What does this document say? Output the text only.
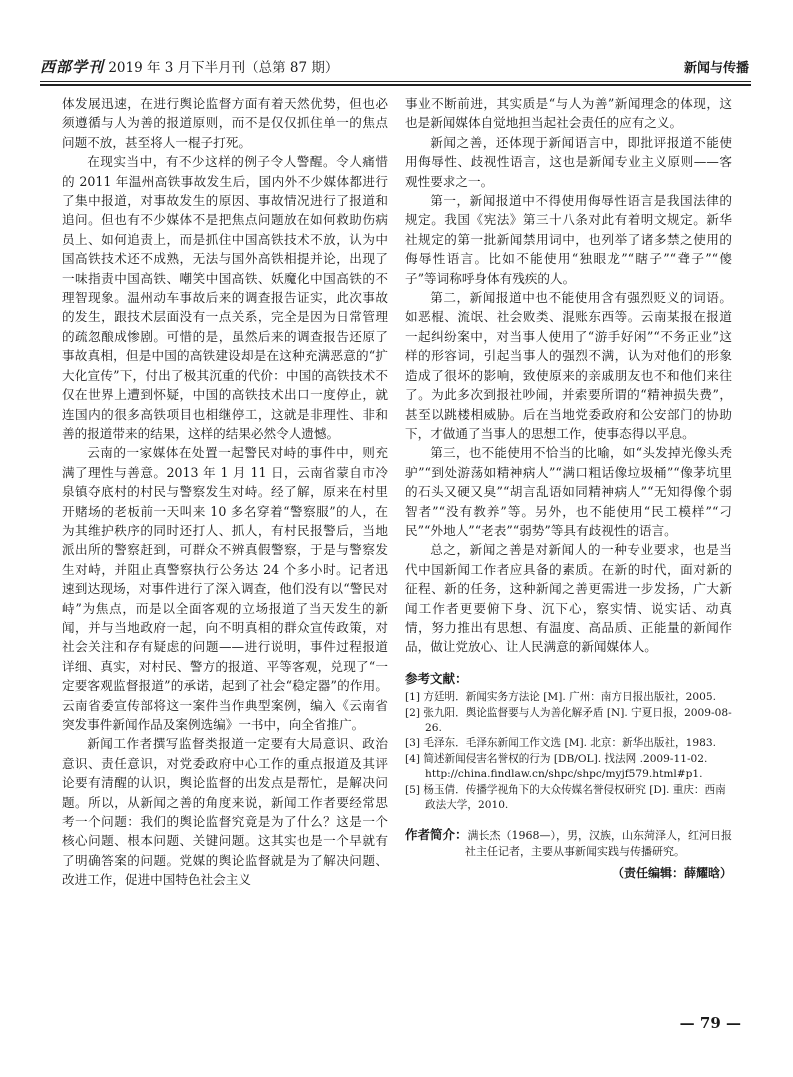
西部学刊 2019 年 3 月下半月刊（总第 87 期）	新闻与传播

体发展迅速，在进行舆论监督方面有着天然优势，但也必须遵循与人为善的报道原则，而不是仅仅抓住单一的焦点问题不放，甚至将人一棍子打死。

在现实当中，有不少这样的例子令人警醒。令人痛惜的 2011 年温州高铁事故发生后，国内外不少媒体都进行了集中报道，对事故发生的原因、事故情况进行了报道和追问。但也有不少媒体不是把焦点问题放在如何救助伤病员上、如何追责上，而是抓住中国高铁技术不放，认为中国高铁技术还不成熟，无法与国外高铁相提并论，出现了一味指责中国高铁、嘲笑中国高铁、妖魔化中国高铁的不理智现象。温州动车事故后来的调查报告证实，此次事故的发生，跟技术层面没有一点关系，完全是因为日常管理的疏忽酿成惨剧。可惜的是，虽然后来的调查报告还原了事故真相，但是中国的高铁建设却是在这种充满恶意的“扩大化宣传”下，付出了极其沉重的代价：中国的高铁技术不仅在世界上遭到怀疑，中国的高铁技术出口一度停止，就连国内的很多高铁项目也相继停工，这就是非理性、非和善的报道带来的结果，这样的结果必然令人遗憾。

云南的一家媒体在处置一起警民对峙的事件中，则充满了理性与善意。2013 年 1 月 11 日，云南省蒙自市冷泉镇夺底村的村民与警察发生对峙。经了解，原来在村里开赌场的老板前一天叫来 10 多名穿着“警察服”的人，在为其维护秩序的同时还打人、抓人，有村民报警后，当地派出所的警察赶到，可群众不辨真假警察，于是与警察发生对峙，并阻止真警察执行公务达 24 个多小时。记者迅速到达现场，对事件进行了深入调查，他们没有以“警民对峙”为焦点，而是以全面客观的立场报道了当天发生的新闻，并与当地政府一起，向不明真相的群众宣传政策，对社会关注和存有疑虑的问题——进行说明，事件过程报道详细、真实，对村民、警方的报道、平等客观，兑现了“一定要客观监督报道”的承诺，起到了社会“稳定器”的作用。云南省委宣传部将这一案件当作典型案例，编入《云南省突发事件新闻作品及案例选编》一书中，向全省推广。

新闻工作者撰写监督类报道一定要有大局意识、政治意识、责任意识，对党委政府中心工作的重点报道及其评论要有清醒的认识，舆论监督的出发点是帮忙，是解决问题。所以，从新闻之善的角度来说，新闻工作者要经常思考一个问题：我们的舆论监督究竟是为了什么？这是一个核心问题、根本问题、关键问题。这其实也是一个早就有了明确答案的问题。党媒的舆论监督就是为了解决问题、改进工作，促进中国特色社会主义

事业不断前进，其实质是“与人为善”新闻理念的体现，这也是新闻媒体自觉地担当起社会责任的应有之义。

新闻之善，还体现于新闻语言中，即批评报道不能使用侮辱性、歧视性语言，这也是新闻专业主义原则——客观性要求之一。

第一，新闻报道中不得使用侮辱性语言是我国法律的规定。我国《宪法》第三十八条对此有着明文规定。新华社规定的第一批新闻禁用词中，也列举了诸多禁之使用的侮辱性语言。比如不能使用“独眼龙”“瞎子”“聋子”“傻子”等词称呼身体有残疾的人。

第二，新闻报道中也不能使用含有强烈贬义的词语。如恶棍、流氓、社会败类、混账东西等。云南某报在报道一起纠纷案中，对当事人使用了“游手好闲”“不务正业”这样的形容词，引起当事人的强烈不满，认为对他们的形象造成了很坏的影响，致使原来的亲戚朋友也不和他们来往了。为此多次到报社吵闹，并索要所谓的“精神损失费”，甚至以跳楼相威胁。后在当地党委政府和公安部门的协助下，才做通了当事人的思想工作，使事态得以平息。

第三，也不能使用不恰当的比喻，如“头发掉光像头秃驴”“到处游荡如精神病人”“满口粗话像垃圾桶”“像茅坑里的石头又硬又臭”“胡言乱语如同精神病人”“无知得像个弱智者”“没有教养”等。另外，也不能使用“民工模样”“刁民”“外地人”“老表”“弱势”等具有歧视性的语言。

总之，新闻之善是对新闻人的一种专业要求，也是当代中国新闻工作者应具备的素质。在新的时代，面对新的征程、新的任务，这种新闻之善更需进一步发扬，广大新闻工作者更要俯下身、沉下心，察实情、说实话、动真情，努力推出有思想、有温度、高品质、正能量的新闻作品，做让党放心、让人民满意的新闻媒体人。

参考文献：
[1] 方廷明．新闻实务方法论 [M]. 广州：南方日报出版社，2005.
[2] 张九阳．舆论监督要与人为善化解矛盾 [N]. 宁夏日报，2009-08-26.
[3] 毛泽东．毛泽东新闻工作文选 [M]. 北京：新华出版社，1983.
[4] 简述新闻侵害名誉权的行为 [DB/OL]. 找法网 .2009-11-02. http://china.findlaw.cn/shpc/shpc/myjf579.html#p1.
[5] 杨玉倩．传播学视角下的大众传媒名誉侵权研究 [D]. 重庆：西南政法大学，2010.
作者简介：满长杰（1968—），男，汉族，山东菏泽人，红河日报社主任记者，主要从事新闻实践与传播研究。
（责任编辑：薛耀晗）
— 79 —
